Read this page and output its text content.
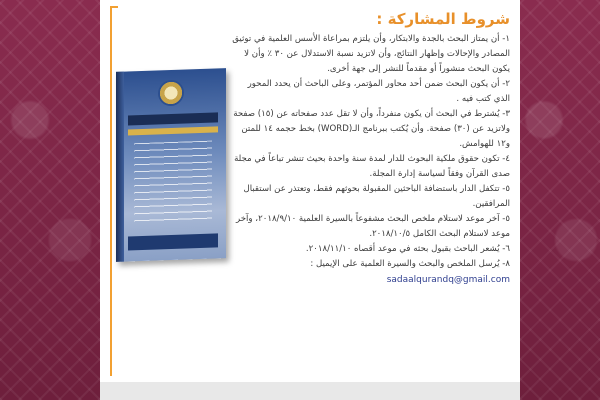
شروط المشاركة :

١- أن يمتاز البحث بالجدة والابتكار، وأن يلتزم بمراعاة الأسس العلمية في توثيق المصادر والإحالات وإظهار النتائج، وأن لاتزيد نسبة الاستدلال عن ٣٠ ٪ وأن لا يكون البحث منشوراً أو مقدماً للنشر إلى جهة أخرى.

٢- أن يكون البحث ضمن أحد محاور المؤتمر، وعلى الباحث أن يحدد المحور الذي كتب فيه .

٣- يُشترط في البحث أن يكون منفرداً، وأن لا تقل عدد صفحاته عن (١٥) صفحة ولاتزيد عن (٣٠) صفحة. وأن يُكتب ببرنامج الـ(WORD) بخط حجمه ١٤ للمتن و١٢ للهوامش.

٤- تكون حقوق ملكية البحوث للدار لمدة سنة واحدة بحيث تنشر تباعاً في مجلة صدى القرآن وفقاً لسياسة إدارة المجلة.

٥- تتكفل الدار باستضافة الباحثين المقبولة بحوثهم فقط، وتعتذر عن استقبال المرافقين.

٥- آخر موعد لاستلام ملخص البحث مشفوعاً بالسيرة العلمية ٢٠١٨/٩/١٠، وآخر موعد لاستلام البحث الكامل ٢٠١٨/١٠/٥.

٦- يُشعر الباحث بقبول بحثه في موعد أقصاه ٢٠١٨/١١/١٠.

٨- يُرسل الملخص والبحث والسيرة العلمية على الإيميل :

sadaalqurandq@gmail.com
